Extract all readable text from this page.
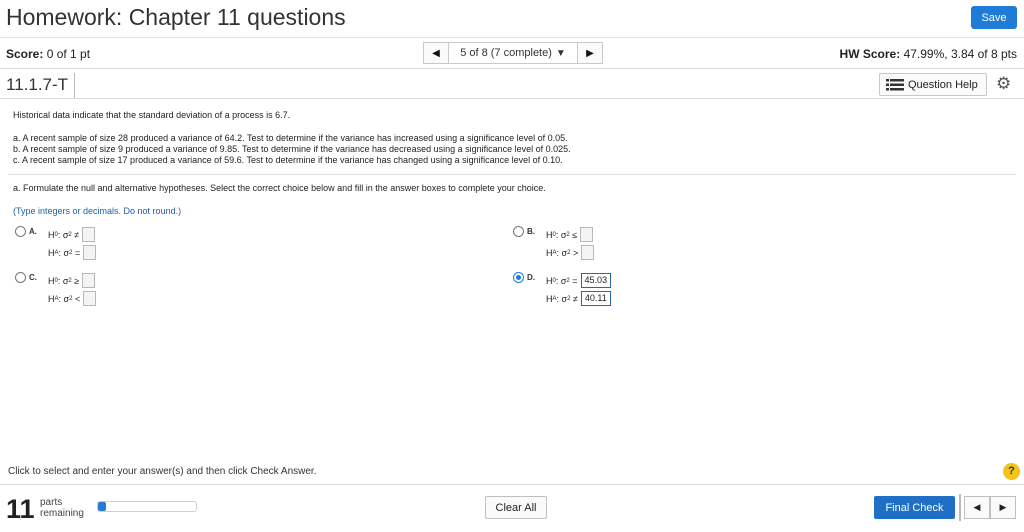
Homework: Chapter 11 questions	Save
Score: 0 of 1 pt	◀ 5 of 8 (7 complete) ▼ ▶	HW Score: 47.99%, 3.84 of 8 pts
11.1.7-T	Question Help ⚙
Historical data indicate that the standard deviation of a process is 6.7.
a. A recent sample of size 28 produced a variance of 64.2. Test to determine if the variance has increased using a significance level of 0.05.
b. A recent sample of size 9 produced a variance of 9.85. Test to determine if the variance has decreased using a significance level of 0.025.
c. A recent sample of size 17 produced a variance of 59.6. Test to determine if the variance has changed using a significance level of 0.10.
a. Formulate the null and alternative hypotheses. Select the correct choice below and fill in the answer boxes to complete your choice.
(Type integers or decimals. Do not round.)
A. H 0 : σ 2
≠
H A : σ 2
=
B. H 0 : σ 2
≤
H A : σ 2
>
C. H 0 : σ 2
≥
H A : σ 2
<
D. H 0 : σ 2
= 45.03
H A : σ 2
≠ 40.11
Click to select and enter your answer(s) and then click Check Answer.	?
11 parts
remaining	Clear All	Final Check	◀ ▶
